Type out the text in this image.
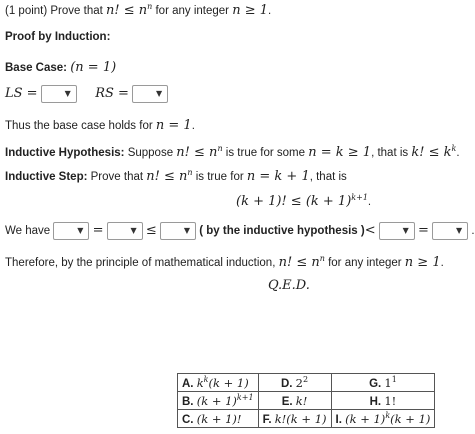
(1 point) Prove that n! ≤ $n^n$ for any integer n ≥ 1.
Proof by Induction:
Base Case: (n = 1)
LS =	▼ RS =	▼
Thus the base case holds for n = 1.
Inductive Hypothesis: Suppose n! ≤ $n^n$ is true for some n = k ≥ 1, that is k! ≤ $k^k$.
Inductive Step: Prove that n! ≤ $n^n$ is true for n = k + 1, that is
(k + 1)! ≤ $(k + 1)^{k+1}$.
We have	▼ =	▼ ≤	▼ ( by the inductive hypothesis )<	▼ =	▼ .
Therefore, by the principle of mathematical induction, n! ≤ $n^n$ for any integer n ≥ 1.
Q.E.D.
A. $k^k(k + 1)$	D. $2^2$	G. $1^1$
B. $(k + 1)^{k+1}$	E. k!	H. 1!
C. (k + 1)!	F. k!(k + 1)	I. $(k + 1)^k(k + 1)$
